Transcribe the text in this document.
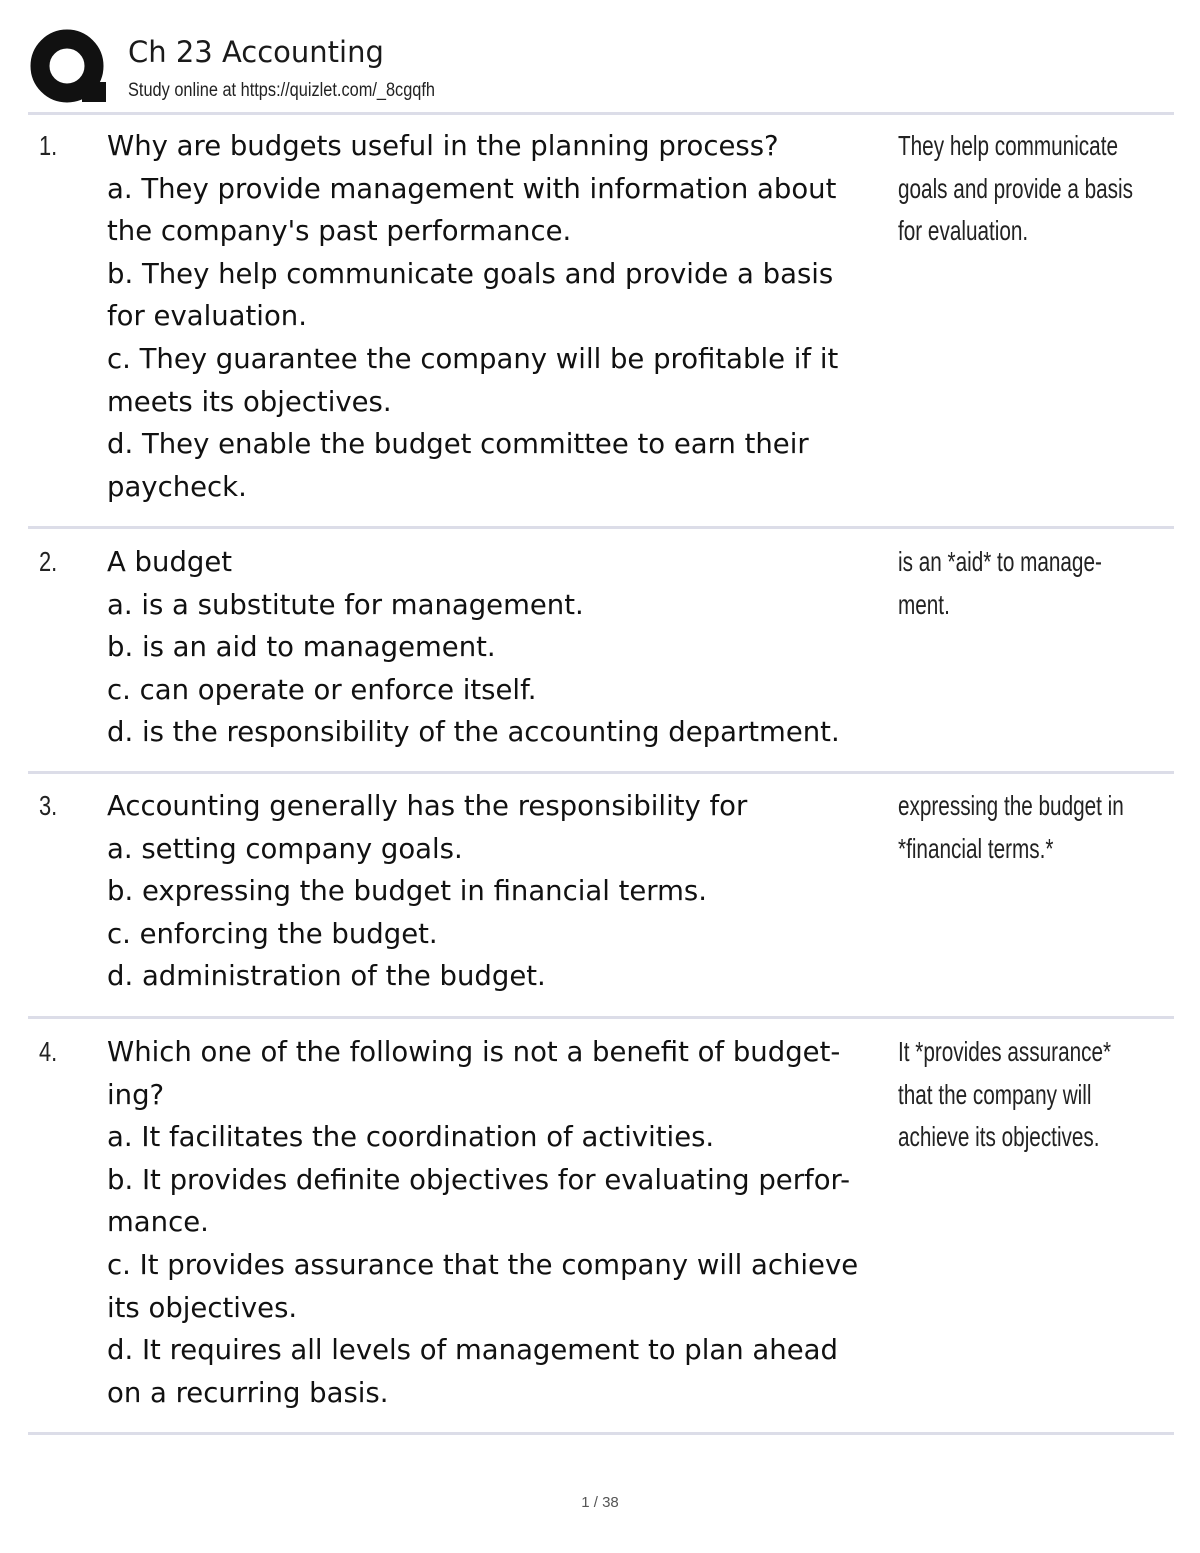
Ch 23 Accounting
Study online at https://quizlet.com/_8cgqfh
1. Why are budgets useful in the planning process?
a. They provide management with information about
the company's past performance.
b. They help communicate goals and provide a basis
for evaluation.
c. They guarantee the company will be profitable if it
meets its objectives.
d. They enable the budget committee to earn their
paycheck.
They help communicate
goals and provide a basis
for evaluation.
2. A budget
a. is a substitute for management.
b. is an aid to management.
c. can operate or enforce itself.
d. is the responsibility of the accounting department.
is an *aid* to manage-
ment.
3. Accounting generally has the responsibility for
a. setting company goals.
b. expressing the budget in financial terms.
c. enforcing the budget.
d. administration of the budget.
expressing the budget in
*financial terms.*
4. Which one of the following is not a benefit of budget-
ing?
a. It facilitates the coordination of activities.
b. It provides definite objectives for evaluating perfor-
mance.
c. It provides assurance that the company will achieve
its objectives.
d. It requires all levels of management to plan ahead
on a recurring basis.
It *provides assurance*
that the company will
achieve its objectives.
1 / 38
